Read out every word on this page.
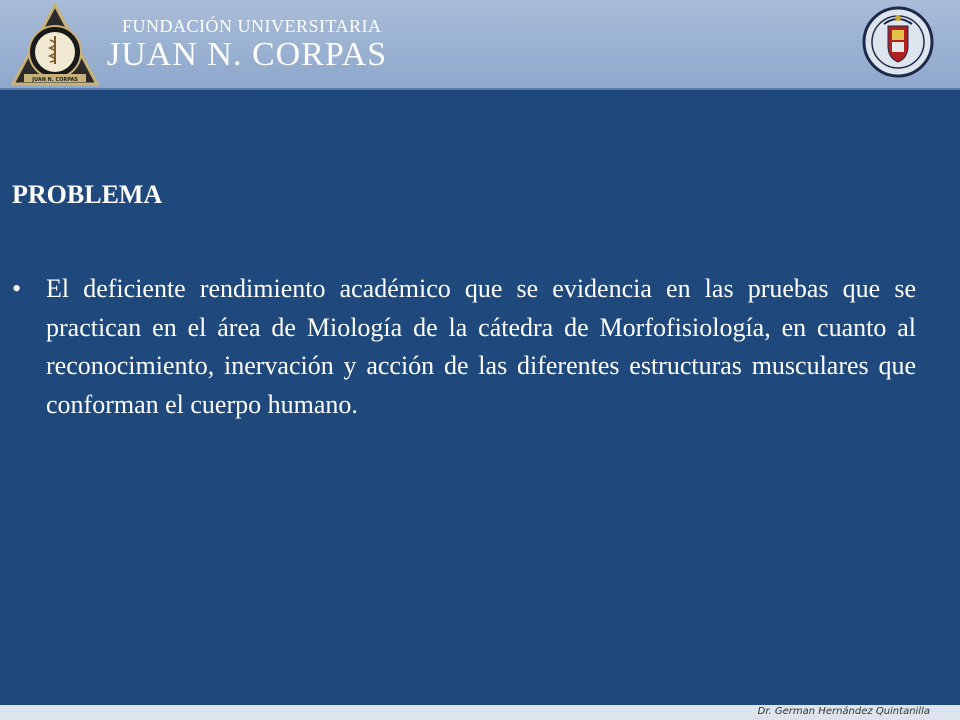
JUAN N. CORPAS
FUNDACIÓN UNIVERSITARIA
JUAN N. CORPAS
PROBLEMA
• El deficiente rendimiento académico que se evidencia en las pruebas que se practican en el área de Miología de la cátedra de Morfofisiología, en cuanto al reconocimiento, inervación y acción de las diferentes estructuras musculares que conforman el cuerpo humano.

Dr. German Hernández Quintanilla
